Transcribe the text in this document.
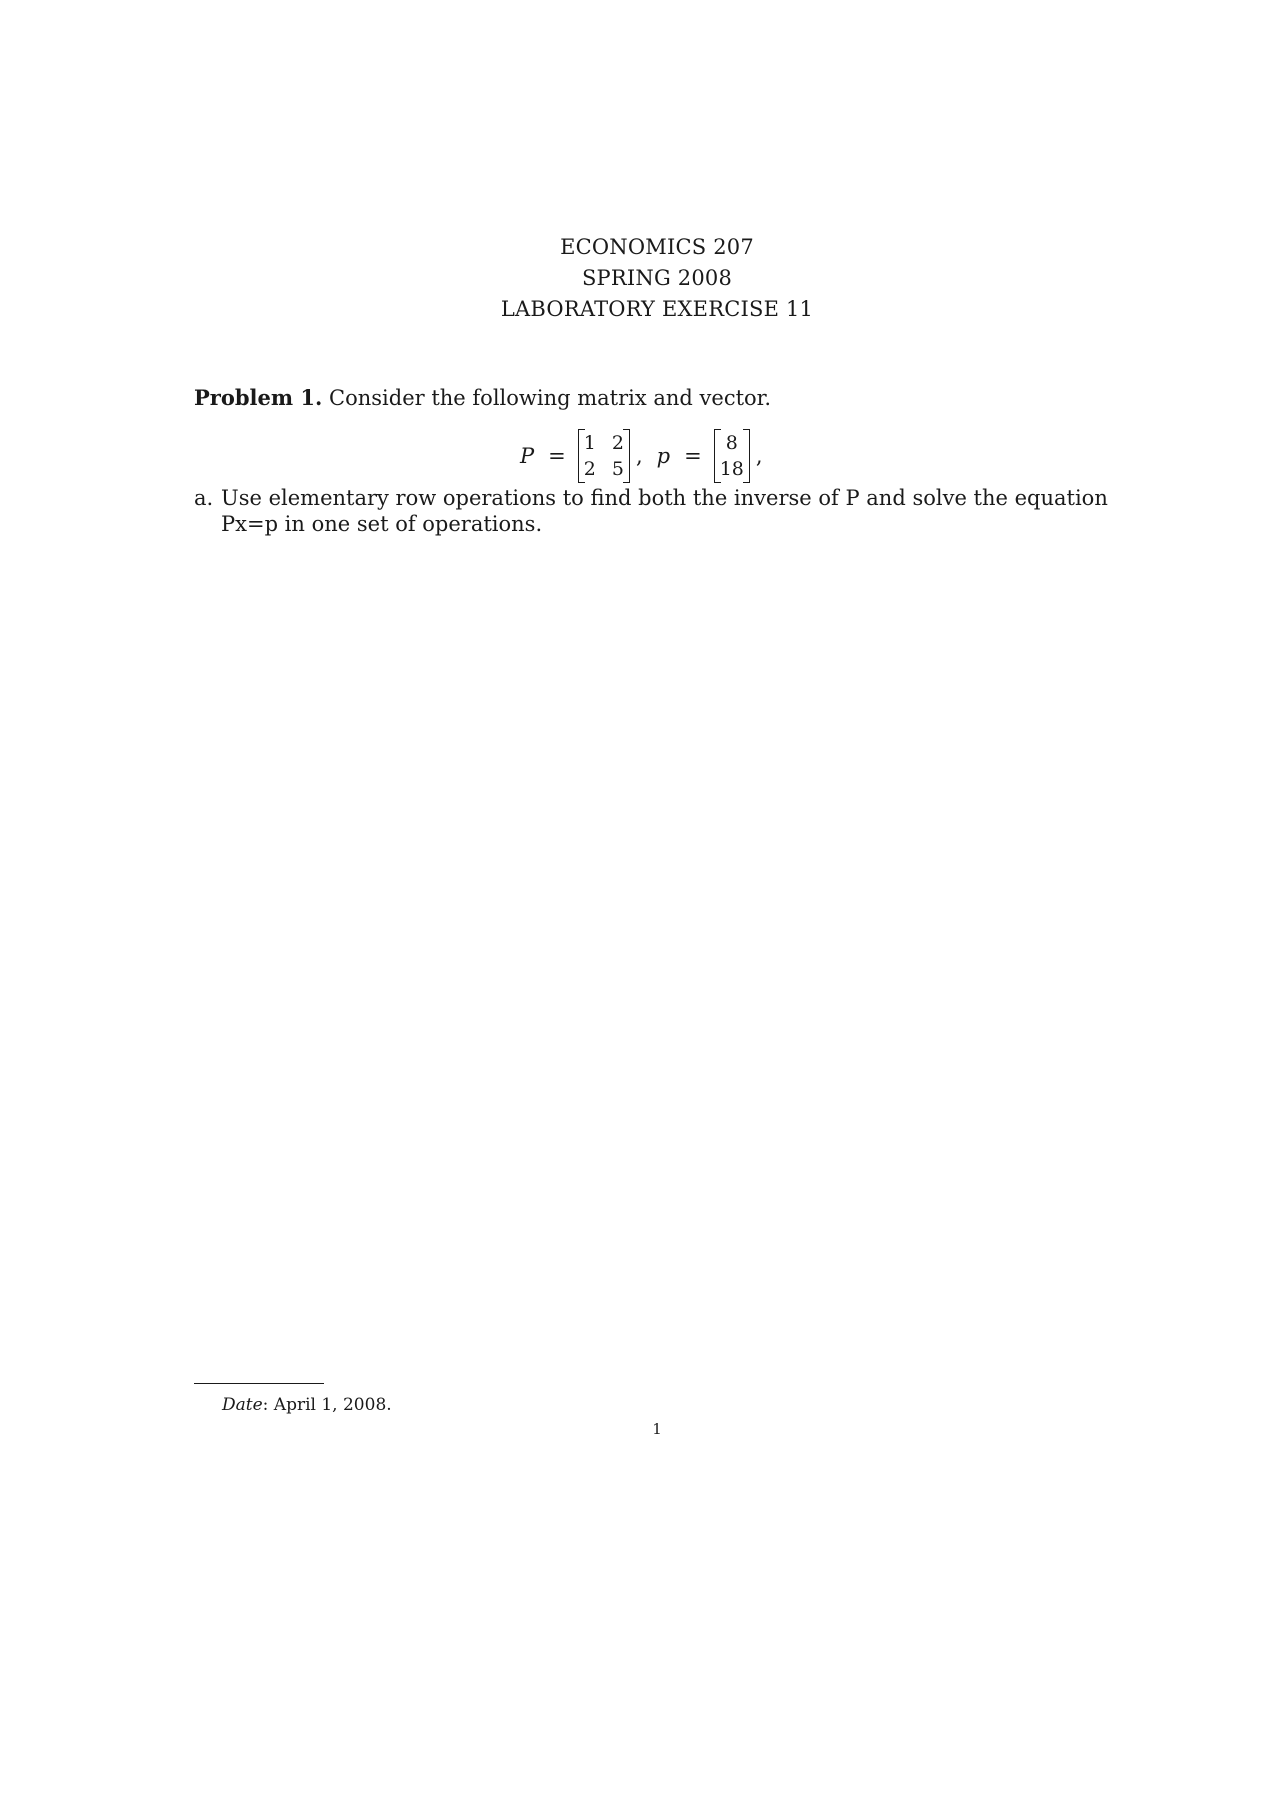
ECONOMICS 207
SPRING 2008
LABORATORY EXERCISE 11
Problem 1. Consider the following matrix and vector.
P =
1 2
2 5
, p =
8
18
,
a. Use elementary row operations to find both the inverse of P and solve the equation Px=p in one set of operations.
Date: April 1, 2008.
1
